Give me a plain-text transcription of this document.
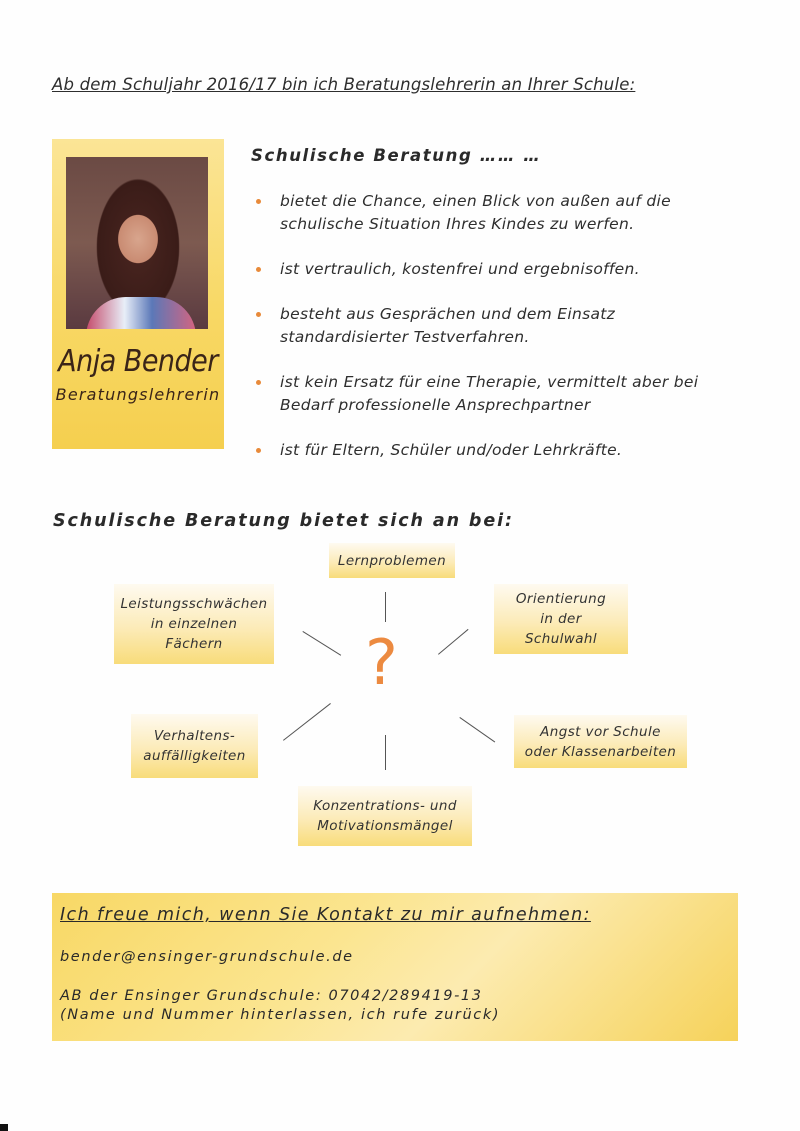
Ab dem Schuljahr 2016/17 bin ich Beratungslehrerin an Ihrer Schule:
Anja Bender
Beratungslehrerin
Schulische Beratung …… …
bietet die Chance, einen Blick von außen auf die schulische Situation Ihres Kindes zu werfen.
ist vertraulich, kostenfrei und ergebnisoffen.
besteht aus Gesprächen und dem Einsatz standardisierter Testverfahren.
ist kein Ersatz für eine Therapie, vermittelt aber bei Bedarf professionelle Ansprechpartner
ist für Eltern, Schüler und/oder Lehrkräfte.
Schulische Beratung bietet sich an bei:
Lernproblemen
Orientierung in der Schulwahl
Angst vor Schule oder Klassenarbeiten
Konzentrations- und Motivationsmängel
Verhaltens-auffälligkeiten
Leistungsschwächen in einzelnen Fächern	?
Ich freue mich, wenn Sie Kontakt zu mir aufnehmen:
bender@ensinger-grundschule.de
AB der Ensinger Grundschule: 07042/289419-13
(Name und Nummer hinterlassen, ich rufe zurück)
